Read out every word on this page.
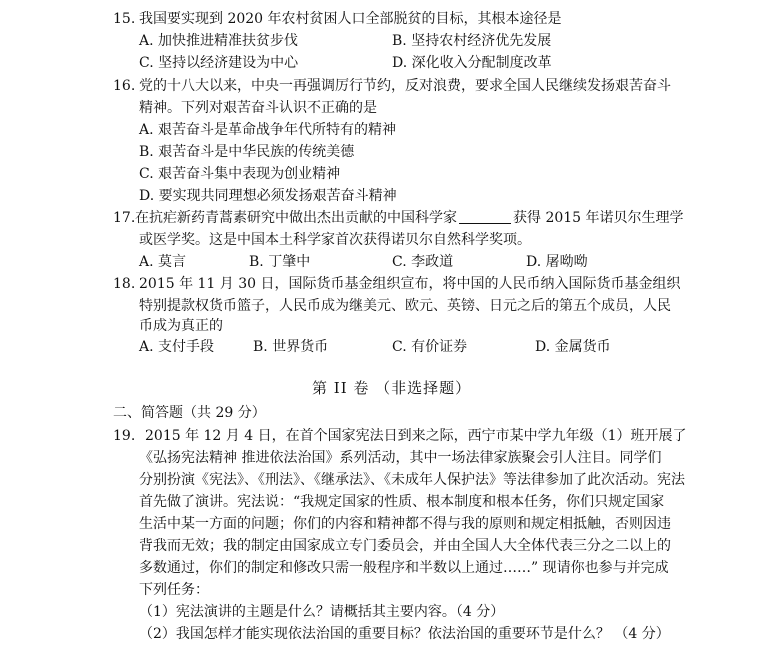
15. 我国要实现到 2020 年农村贫困人口全部脱贫的目标，其根本途径是
A. 加快推进精准扶贫步伐	B. 坚持农村经济优先发展
C. 坚持以经济建设为中心	D. 深化收入分配制度改革
16. 党的十八大以来，中央一再强调厉行节约，反对浪费，要求全国人民继续发扬艰苦奋斗
精神。下列对艰苦奋斗认识不正确的是
A. 艰苦奋斗是革命战争年代所特有的精神
B. 艰苦奋斗是中华民族的传统美德
C. 艰苦奋斗集中表现为创业精神
D. 要实现共同理想必须发扬艰苦奋斗精神
17. 在抗疟新药青蒿素研究中做出杰出贡献的中国科学家	获得 2015 年诺贝尔生理学
或医学奖。这是中国本土科学家首次获得诺贝尔自然科学奖项。
A. 莫言	B. 丁肇中	C. 李政道	D. 屠呦呦
18. 2015 年 11 月 30 日，国际货币基金组织宣布，将中国的人民币纳入国际货币基金组织
特别提款权货币篮子，人民币成为继美元、欧元、英镑、日元之后的第五个成员，人民
币成为真正的
A. 支付手段	B. 世界货币	C. 有价证券	D. 金属货币
第 II 卷 （非选择题）
二、简答题（共 29 分）
19. 2015 年 12 月 4 日，在首个国家宪法日到来之际，西宁市某中学九年级（1）班开展了
《弘扬宪法精神 推进依法治国》系列活动，其中一场法律家族聚会引人注目。同学们
分别扮演《宪法》、《刑法》、《继承法》、《未成年人保护法》等法律参加了此次活动。宪法
首先做了演讲。宪法说：“我规定国家的性质、根本制度和根本任务，你们只规定国家
生活中某一方面的问题；你们的内容和精神都不得与我的原则和规定相抵触，否则因违
背我而无效；我的制定由国家成立专门委员会，并由全国人大全体代表三分之二以上的
多数通过，你们的制定和修改只需一般程序和半数以上通过……” 现请你也参与并完成
下列任务：
（1）宪法演讲的主题是什么？请概括其主要内容。（4 分）
（2）我国怎样才能实现依法治国的重要目标？依法治国的重要环节是什么？ （4 分）
